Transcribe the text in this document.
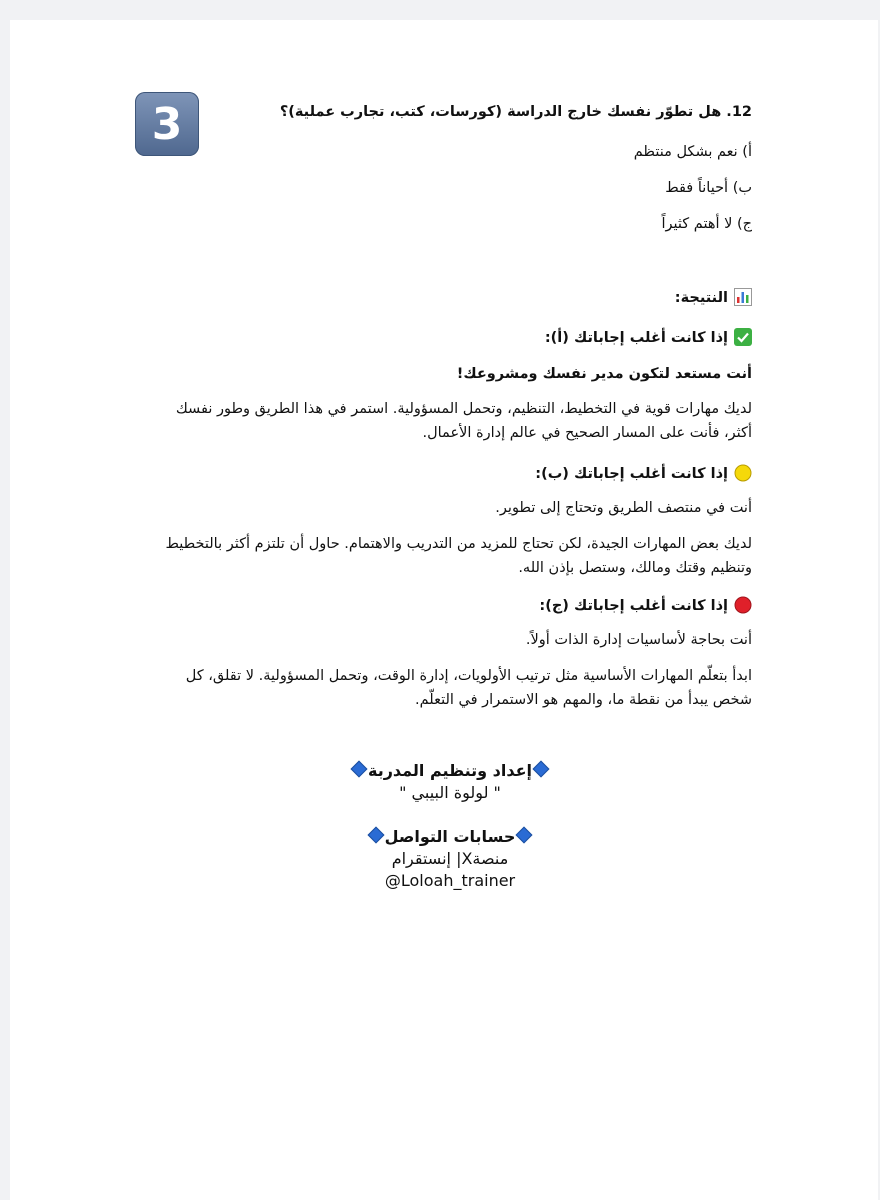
3	12. هل تطوّر نفسك خارج الدراسة (كورسات، كتب، تجارب عملية)؟
أ) نعم بشكل منتظم
ب) أحياناً فقط
ج) لا أهتم كثيراً
النتيجة:
إذا كانت أغلب إجاباتك (أ):
أنت مستعد لتكون مدير نفسك ومشروعك!
لديك مهارات قوية في التخطيط، التنظيم، وتحمل المسؤولية. استمر في هذا الطريق وطور نفسك أكثر، فأنت على المسار الصحيح في عالم إدارة الأعمال.
إذا كانت أغلب إجاباتك (ب):
أنت في منتصف الطريق وتحتاج إلى تطوير.
لديك بعض المهارات الجيدة، لكن تحتاج للمزيد من التدريب والاهتمام. حاول أن تلتزم أكثر بالتخطيط وتنظيم وقتك ومالك، وستصل بإذن الله.
إذا كانت أغلب إجاباتك (ج):
أنت بحاجة لأساسيات إدارة الذات أولاً.
ابدأ بتعلّم المهارات الأساسية مثل ترتيب الأولويات، إدارة الوقت، وتحمل المسؤولية. لا تقلق، كل شخص يبدأ من نقطة ما، والمهم هو الاستمرار في التعلّم.
إعداد وتنظيم المدربة
" لولوة البيبي "
حسابات التواصل
منصةX| إنستقرام
@Loloah_trainer
